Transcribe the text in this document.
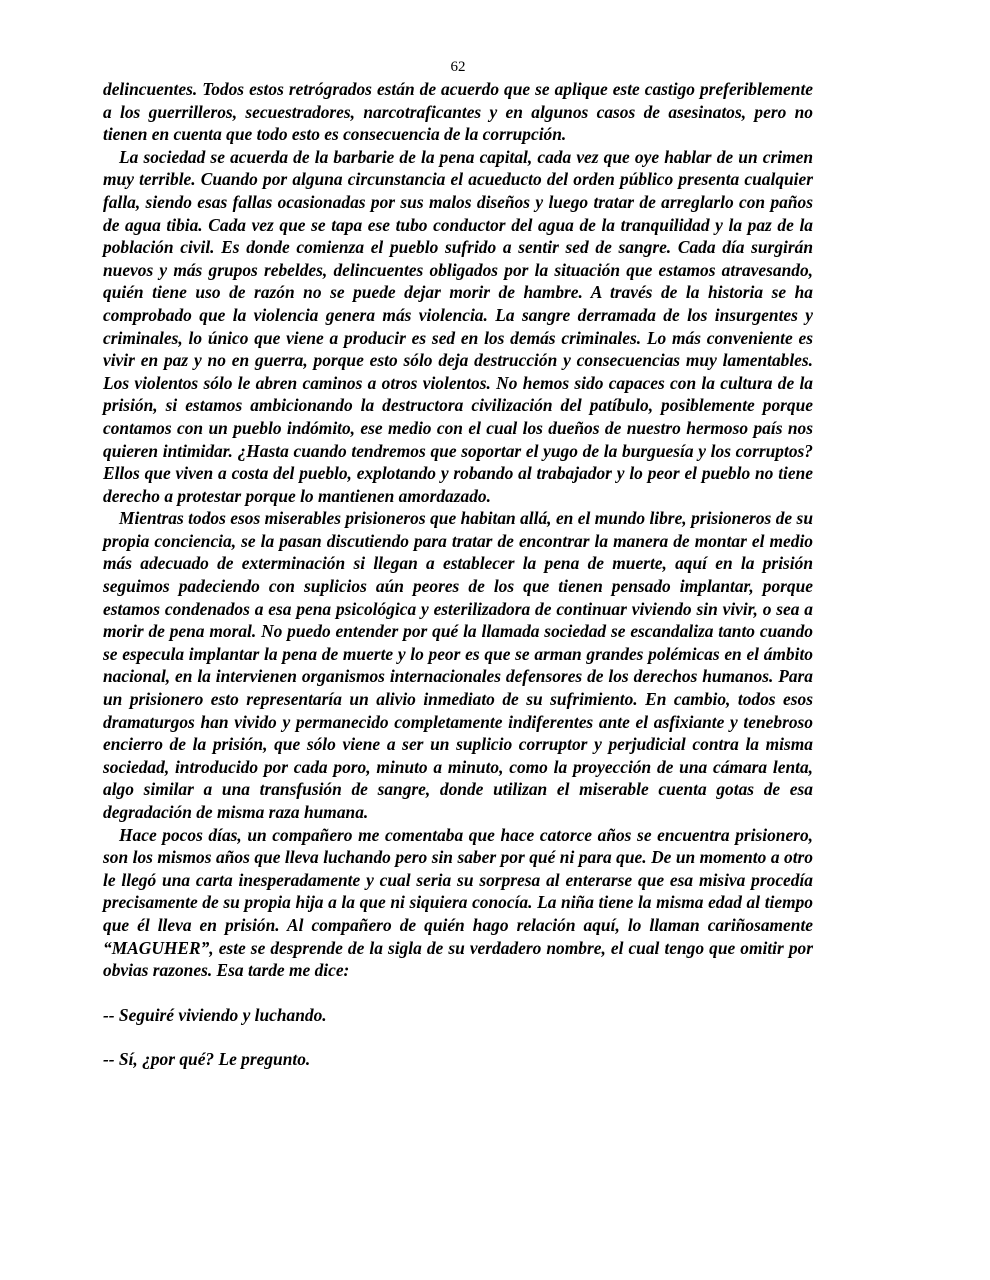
62

delincuentes. Todos estos retrógrados están de acuerdo que se aplique este castigo preferiblemente a los guerrilleros, secuestradores, narcotraficantes y en algunos casos de asesinatos, pero no tienen en cuenta que todo esto es consecuencia de la corrupción.

La sociedad se acuerda de la barbarie de la pena capital, cada vez que oye hablar de un crimen muy terrible. Cuando por alguna circunstancia el acueducto del orden público presenta cualquier falla, siendo esas fallas ocasionadas por sus malos diseños y luego tratar de arreglarlo con paños de agua tibia. Cada vez que se tapa ese tubo conductor del agua de la tranquilidad y la paz de la población civil. Es donde comienza el pueblo sufrido a sentir sed de sangre. Cada día surgirán nuevos y más grupos rebeldes, delincuentes obligados por la situación que estamos atravesando, quién tiene uso de razón no se puede dejar morir de hambre. A través de la historia se ha comprobado que la violencia genera más violencia. La sangre derramada de los insurgentes y criminales, lo único que viene a producir es sed en los demás criminales. Lo más conveniente es vivir en paz y no en guerra, porque esto sólo deja destrucción y consecuencias muy lamentables. Los violentos sólo le abren caminos a otros violentos. No hemos sido capaces con la cultura de la prisión, si estamos ambicionando la destructora civilización del patíbulo, posiblemente porque contamos con un pueblo indómito, ese medio con el cual los dueños de nuestro hermoso país nos quieren intimidar. ¿Hasta cuando tendremos que soportar el yugo de la burguesía y los corruptos? Ellos que viven a costa del pueblo, explotando y robando al trabajador y lo peor el pueblo no tiene derecho a protestar porque lo mantienen amordazado.

Mientras todos esos miserables prisioneros que habitan allá, en el mundo libre, prisioneros de su propia conciencia, se la pasan discutiendo para tratar de encontrar la manera de montar el medio más adecuado de exterminación si llegan a establecer la pena de muerte, aquí en la prisión seguimos padeciendo con suplicios aún peores de los que tienen pensado implantar, porque estamos condenados a esa pena psicológica y esterilizadora de continuar viviendo sin vivir, o sea a morir de pena moral. No puedo entender por qué la llamada sociedad se escandaliza tanto cuando se especula implantar la pena de muerte y lo peor es que se arman grandes polémicas en el ámbito nacional, en la intervienen organismos internacionales defensores de los derechos humanos. Para un prisionero esto representaría un alivio inmediato de su sufrimiento. En cambio, todos esos dramaturgos han vivido y permanecido completamente indiferentes ante el asfixiante y tenebroso encierro de la prisión, que sólo viene a ser un suplicio corruptor y perjudicial contra la misma sociedad, introducido por cada poro, minuto a minuto, como la proyección de una cámara lenta, algo similar a una transfusión de sangre, donde utilizan el miserable cuenta gotas de esa degradación de misma raza humana.

Hace pocos días, un compañero me comentaba que hace catorce años se encuentra prisionero, son los mismos años que lleva luchando pero sin saber por qué ni para que. De un momento a otro le llegó una carta inesperadamente y cual seria su sorpresa al enterarse que esa misiva procedía precisamente de su propia hija a la que ni siquiera conocía. La niña tiene la misma edad al tiempo que él lleva en prisión. Al compañero de quién hago relación aquí, lo llaman cariñosamente “MAGUHER”, este se desprende de la sigla de su verdadero nombre, el cual tengo que omitir por obvias razones. Esa tarde me dice:

-- Seguiré viviendo y luchando.

-- Sí, ¿por qué? Le pregunto.
